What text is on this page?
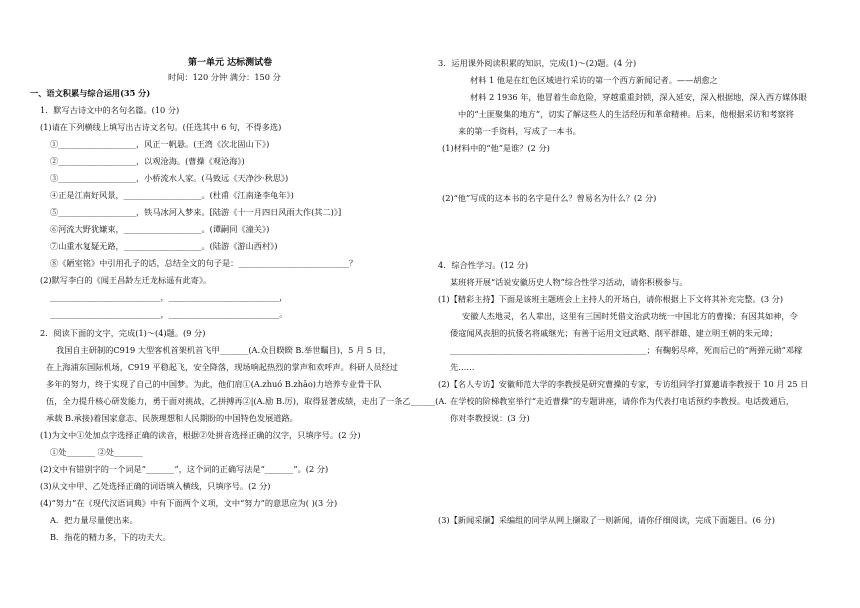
第一单元 达标测试卷
时间：120 分钟 满分：150 分
一、语文积累与综合运用(35 分)
1．默写古诗文中的名句名篇。(10 分)
(1)请在下列横线上填写出古诗文名句。(任选其中 6 句，不得多选)
①___________________，风正一帆悬。(王湾《次北固山下》)
②___________________，以观沧海。(曹操《观沧海》)
③___________________，小桥流水人家。(马致远《天净沙·秋思》)
④正是江南好风景，___________________。(杜甫《江南逢李龟年》)
⑤___________________，铁马冰河入梦来。[陆游《十一月四日风雨大作(其二)》]
⑥河流大野犹嫌束，___________________。(谭嗣同《潼关》)
⑦山重水复疑无路，___________________。(陆游《游山西村》)
⑧《陋室铭》中引用孔子的话，总结全文的句子是：___________________________？
(2)默写李白的《闻王昌龄左迁龙标遥有此寄》。
___________________________，___________________________，
___________________________，___________________________。
2．阅读下面的文字，完成(1)～(4)题。(9 分)
我国自主研制的C919 大型客机首架机首飞甲_______(A.众目睽睽 B.举世瞩目)，5 月 5 日，
在上海浦东国际机场，C919 平稳起飞，安全降落，现场响起热烈的掌声和欢呼声。科研人员经过
多年的努力，终于实现了自己的中国梦。为此，他们肩①(A.zhuó B.zhāo)力培养专业骨干队
伍，全力提升核心研发能力，勇于面对挑战，乙拼搏再②|(A.励 B.厉)，取得显著成绩，走出了一条乙______(A.
承载 B.承接)着国家意志、民族理想和人民期盼的中国特色发展道路。
(1)为文中①处加点字选择正确的读音，根据②处拼音选择正确的汉字，只填序号。(2 分)
①处_______ ②处_______
(2)文中有错别字的一个词是“_______”，这个词的正确写法是“_______”。(2 分)
(3)从文中甲、乙处选择正确的词语填入横线，只填序号。(2 分)
(4)“努力”在《现代汉语词典》中有下面两个义项，文中“努力”的意思应为( )(3 分)
A．把力量尽量使出来。
B．指花的精力多，下的功夫大。
3．运用课外阅读积累的知识，完成(1)～(2)题。(4 分)
材料 1 他是在红色区域进行采访的第一个西方新闻记者。——胡愈之
材料 2 1936 年，他冒着生命危险，穿越重重封锁，深入延安，深入根据地，深入西方媒体眼
中的“土匪聚集的地方”，切实了解这些人的生活经历和革命精神。后来，他根据采访和考察将
来的第一手资料，写成了一本书。
(1)材料中的“他”是谁？(2 分)
(2)“他”写成的这本书的名字是什么？曾易名为什么？(2 分)
4．综合性学习。(12 分)
某班将开展“话说安徽历史人物”综合性学习活动，请你积极参与。
(1)【精彩主持】下面是该班主题班会上主持人的开场白，请你根据上下文将其补充完整。(3 分)
安徽人杰地灵，名人辈出，这里有三国时凭借文治武功统一中国北方的曹操；有因其如神，令
倭寇闻风丧胆的抗倭名将戚继光；有善于运用文冠武略、削平群雄、建立明王朝的朱元璋；
________________________________________________；有鞠躬尽瘁，死而后已的“两弹元勋”邓稼
先……
(2)【名人专访】安徽师范大学的李教授是研究曹操的专家，专访组同学打算邀请李教授于 10 月 25 日
在学校的阶梯教室举行“走近曹操”的专题讲座，请你作为代表打电话预约李教授。电话拨通后，
你对李教授说：(3 分)
(3)【新闻采撷】采编组的同学从网上撷取了一则新闻，请你仔细阅读，完成下面题目。(6 分)
